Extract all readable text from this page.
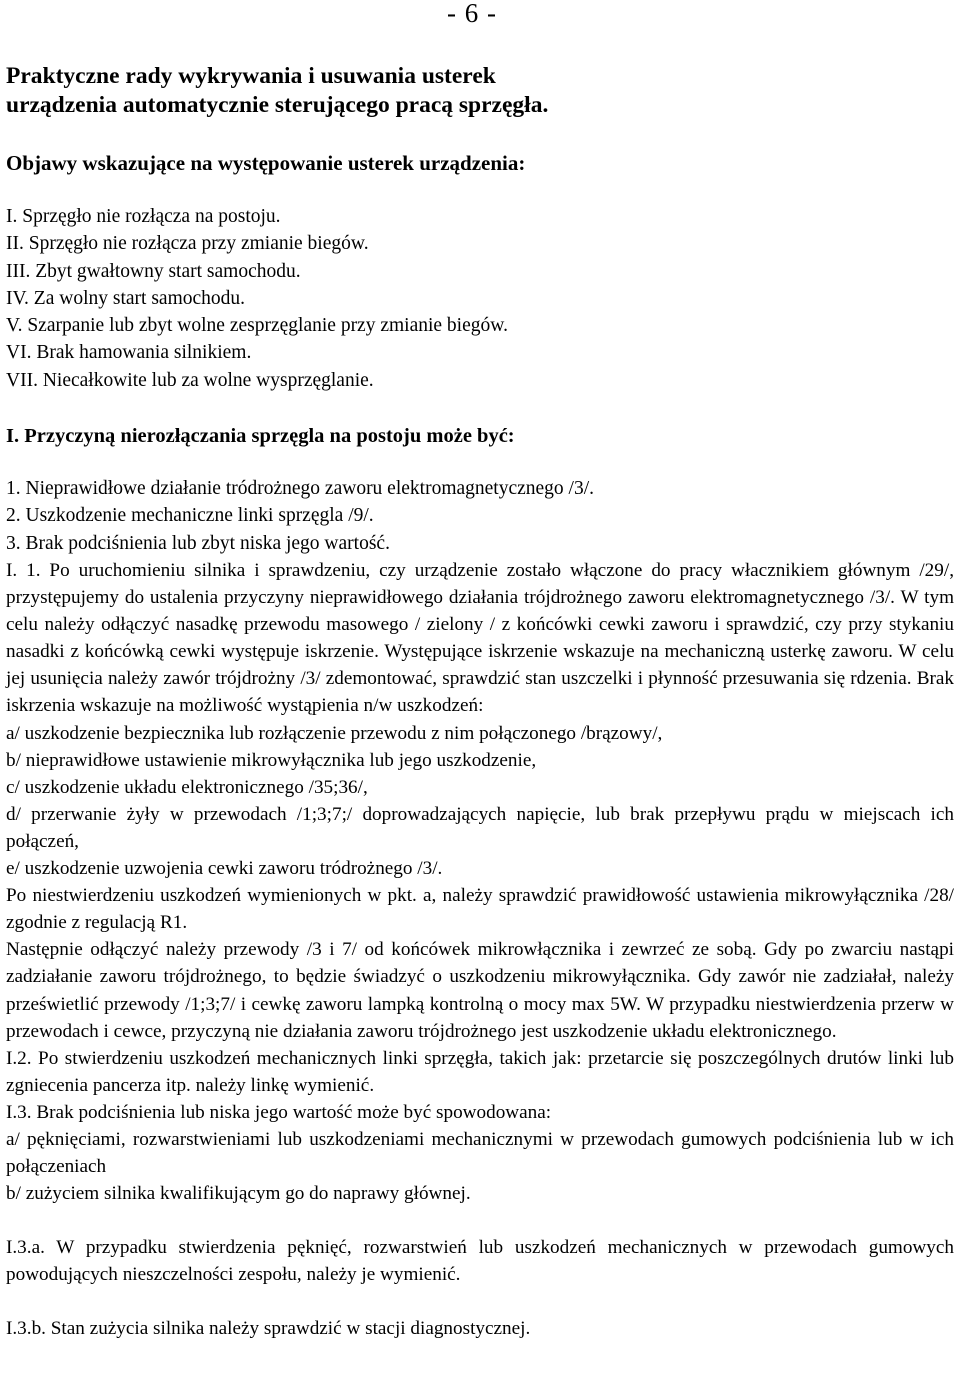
- 6 -
Praktyczne rady wykrywania i usuwania usterek
urządzenia automatycznie sterującego pracą sprzęgła.
Objawy wskazujące na występowanie usterek urządzenia:
I. Sprzęgło nie rozłącza na postoju.
II. Sprzęgło nie rozłącza przy zmianie biegów.
III. Zbyt gwałtowny start samochodu.
IV. Za wolny start samochodu.
V. Szarpanie lub zbyt wolne zesprzęglanie przy zmianie biegów.
VI. Brak hamowania silnikiem.
VII. Niecałkowite lub za wolne wysprzęglanie.
I. Przyczyną nierozłączania sprzęgla na postoju może być:
1. Nieprawidłowe działanie tródrożnego zaworu elektromagnetycznego /3/.
2. Uszkodzenie mechaniczne linki sprzęgla /9/.
3. Brak podciśnienia lub zbyt niska jego wartość.

I. 1. Po uruchomieniu silnika i sprawdzeniu, czy urządzenie zostało włączone do pracy włacznikiem głównym /29/, przystępujemy do ustalenia przyczyny nieprawidłowego działania trójdrożnego zaworu elektromagnetycznego /3/. W tym celu należy odłączyć nasadkę przewodu masowego / zielony / z końcówki cewki zaworu i sprawdzić, czy przy stykaniu nasadki z końcówką cewki występuje iskrzenie. Występujące iskrzenie wskazuje na mechaniczną usterkę zaworu. W celu jej usunięcia należy zawór trójdrożny /3/ zdemontować, sprawdzić stan uszczelki i płynność przesuwania się rdzenia. Brak iskrzenia wskazuje na możliwość wystąpienia n/w uszkodzeń:

a/ uszkodzenie bezpiecznika lub rozłączenie przewodu z nim połączonego /brązowy/,

b/ nieprawidłowe ustawienie mikrowyłącznika lub jego uszkodzenie,

c/ uszkodzenie układu elektronicznego /35;36/,

d/ przerwanie żyły w przewodach /1;3;7;/ doprowadzających napięcie, lub brak przepływu prądu w miejscach ich połączeń,

e/ uszkodzenie uzwojenia cewki zaworu tródrożnego /3/.

Po niestwierdzeniu uszkodzeń wymienionych w pkt. a, należy sprawdzić prawidłowość ustawienia mikrowyłącznika /28/ zgodnie z regulacją R1.

Następnie odłączyć należy przewody /3 i 7/ od końcówek mikrowłącznika i zewrzeć ze sobą. Gdy po zwarciu nastąpi zadziałanie zaworu trójdrożnego, to będzie świadzyć o uszkodzeniu mikrowyłącznika. Gdy zawór nie zadziałał, należy prześwietlić przewody /1;3;7/ i cewkę zaworu lampką kontrolną o mocy max 5W. W przypadku niestwierdzenia przerw w przewodach i cewce, przyczyną nie działania zaworu trójdrożnego jest uszkodzenie układu elektronicznego.

I.2. Po stwierdzeniu uszkodzeń mechanicznych linki sprzęgła, takich jak: przetarcie się poszczególnych drutów linki lub zgniecenia pancerza itp. należy linkę wymienić.

I.3. Brak podciśnienia lub niska jego wartość może być spowodowana:

a/ pęknięciami, rozwarstwieniami lub uszkodzeniami mechanicznymi w przewodach gumowych podciśnienia lub w ich połączeniach

b/ zużyciem silnika kwalifikującym go do naprawy głównej.

I.3.a. W przypadku stwierdzenia pęknięć, rozwarstwień lub uszkodzeń mechanicznych w przewodach gumowych powodujących nieszczelności zespołu, należy je wymienić.

I.3.b. Stan zużycia silnika należy sprawdzić w stacji diagnostycznej.
